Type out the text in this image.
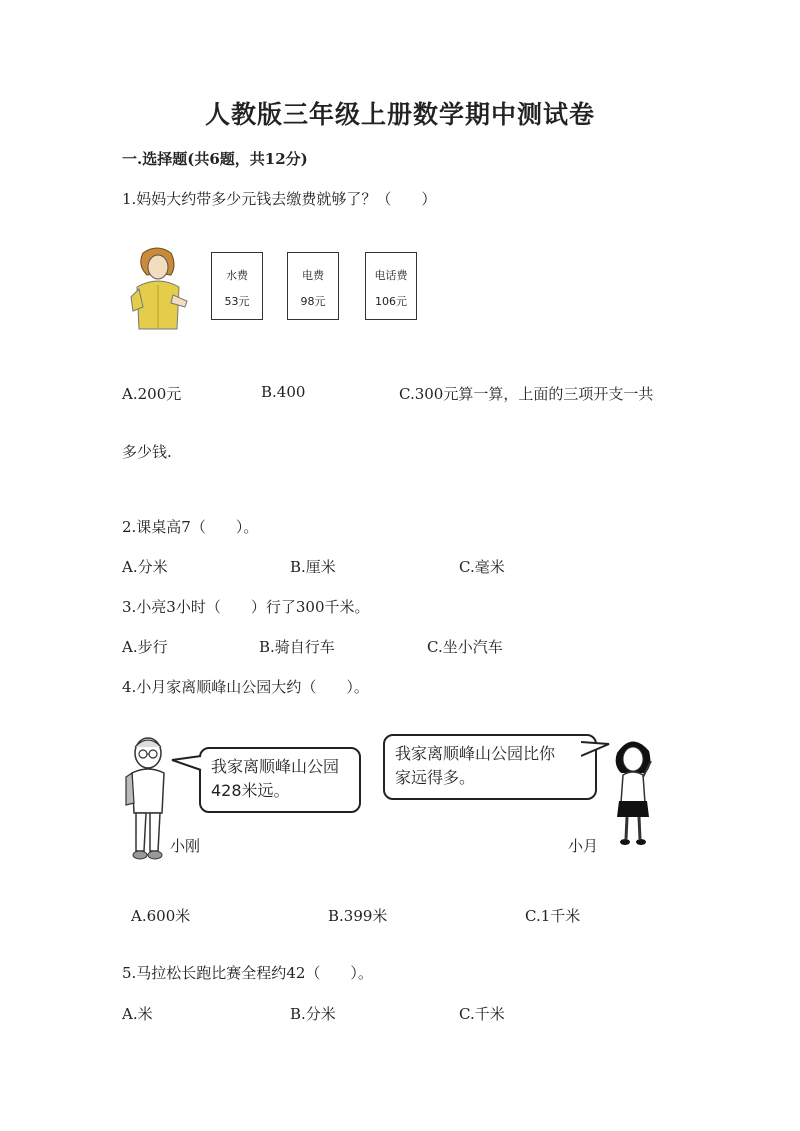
人教版三年级上册数学期中测试卷
一.选择题(共6题，共12分)
1.妈妈大约带多少元钱去缴费就够了？（　　）
水费
53元
电费
98元
电话费
106元
A.200元	B.400	C.300元算一算，上面的三项开支一共
多少钱.
2.课桌高7（　　）。
A.分米	B.厘米	C.毫米
3.小亮3小时（　　）行了300千米。
A.步行	B.骑自行车	C.坐小汽车
4.小月家离顺峰山公园大约（　　）。
我家离顺峰山公园
428米远。
我家离顺峰山公园比你
家远得多。
小刚	小月
A.600米	B.399米	C.1千米
5.马拉松长跑比赛全程约42（　　）。
A.米	B.分米	C.千米
